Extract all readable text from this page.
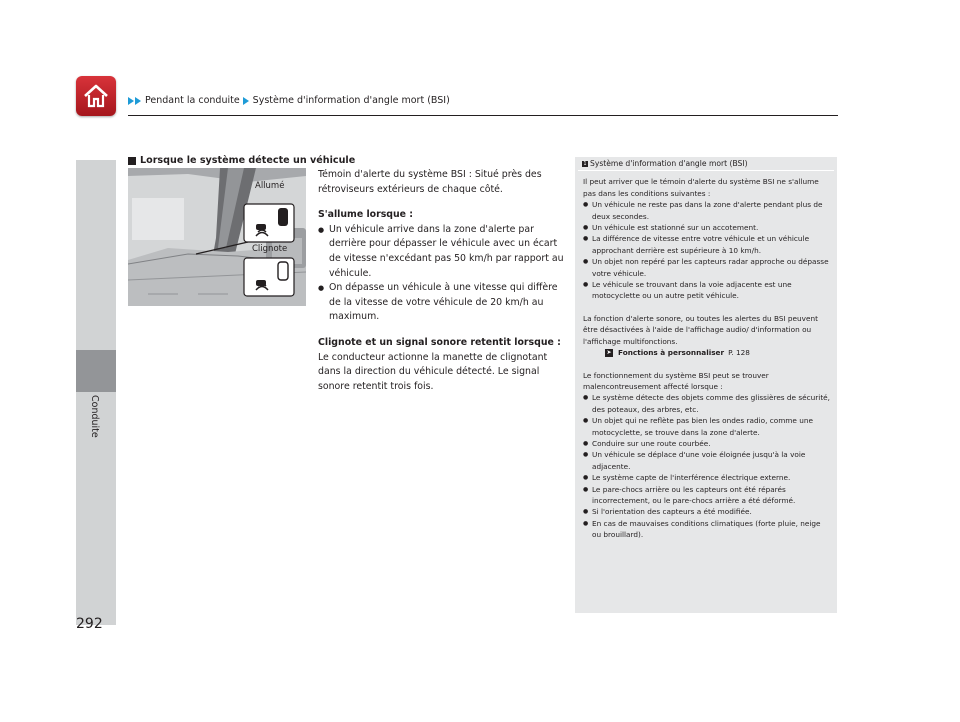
Pendant la conduite Système d'information d'angle mort (BSI)
Conduite
292
Lorsque le système détecte un véhicule
Allumé
Clignote

Témoin d'alerte du système BSI : Situé près des rétroviseurs extérieurs de chaque côté.

S'allume lorsque :

● Un véhicule arrive dans la zone d'alerte par derrière pour dépasser le véhicule avec un écart de vitesse n'excédant pas 50 km/h par rapport au véhicule.

● On dépasse un véhicule à une vitesse qui diffère de la vitesse de votre véhicule de 20 km/h au maximum.

Clignote et un signal sonore retentit lorsque :

Le conducteur actionne la manette de clignotant dans la direction du véhicule détecté. Le signal sonore retentit trois fois.

1 Système d'information d'angle mort (BSI)

Il peut arriver que le témoin d'alerte du système BSI ne s'allume pas dans les conditions suivantes :

● Un véhicule ne reste pas dans la zone d'alerte pendant plus de deux secondes.

● Un véhicule est stationné sur un accotement.

● La différence de vitesse entre votre véhicule et un véhicule approchant derrière est supérieure à 10 km/h.

● Un objet non repéré par les capteurs radar approche ou dépasse votre véhicule.

● Le véhicule se trouvant dans la voie adjacente est une motocyclette ou un autre petit véhicule.

La fonction d'alerte sonore, ou toutes les alertes du BSI peuvent être désactivées à l'aide de l'affichage audio/ d'information ou l'affichage multifonctions.

➤ Fonctions à personnaliser P. 128

Le fonctionnement du système BSI peut se trouver malencontreusement affecté lorsque :

● Le système détecte des objets comme des glissières de sécurité, des poteaux, des arbres, etc.

● Un objet qui ne reflète pas bien les ondes radio, comme une motocyclette, se trouve dans la zone d'alerte.

● Conduire sur une route courbée.

● Un véhicule se déplace d'une voie éloignée jusqu'à la voie adjacente.

● Le système capte de l'interférence électrique externe.

● Le pare-chocs arrière ou les capteurs ont été réparés incorrectement, ou le pare-chocs arrière a été déformé.

● Si l'orientation des capteurs a été modifiée.

● En cas de mauvaises conditions climatiques (forte pluie, neige ou brouillard).
